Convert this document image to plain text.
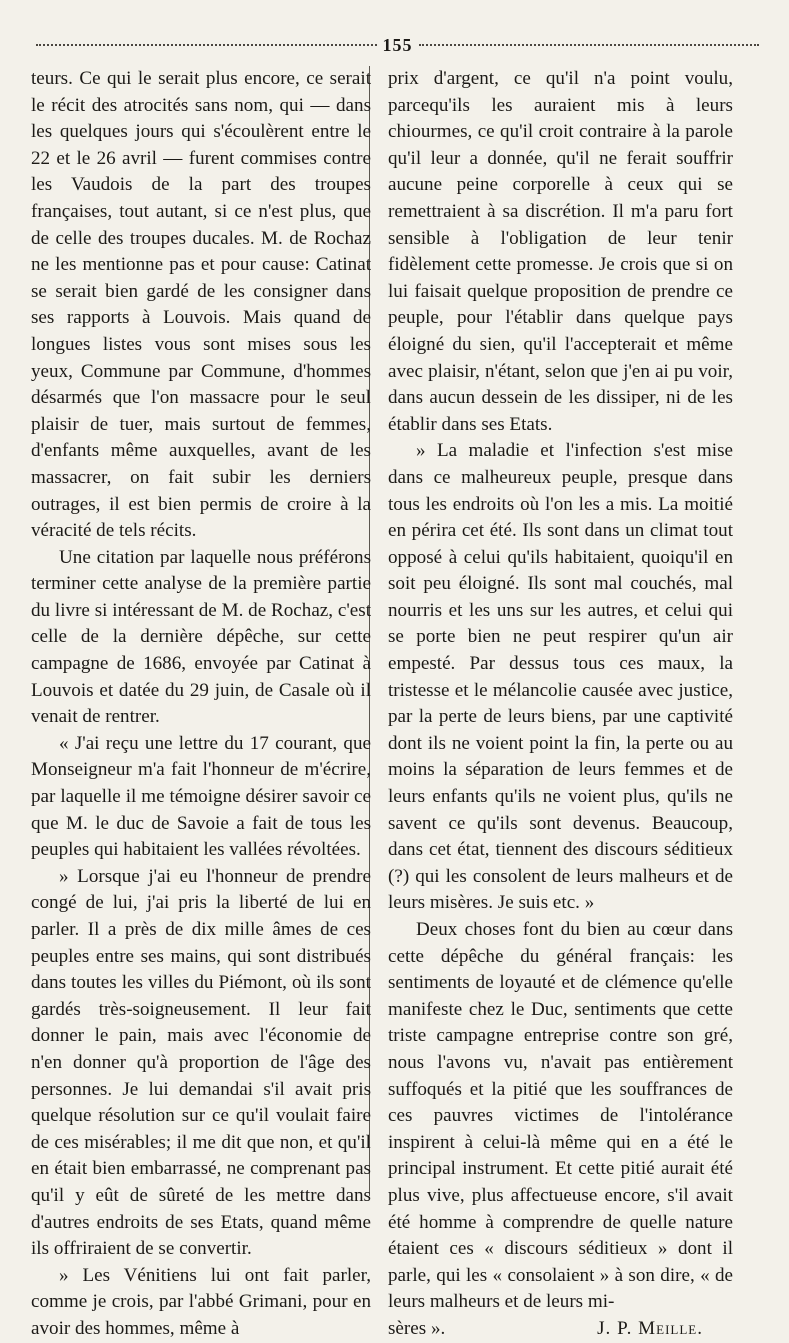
155

teurs. Ce qui le serait plus encore, ce serait le récit des atrocités sans nom, qui — dans les quelques jours qui s'écoulèrent entre le 22 et le 26 avril — furent commises contre les Vaudois de la part des troupes françaises, tout autant, si ce n'est plus, que de celle des troupes ducales. M. de Rochaz ne les mentionne pas et pour cause: Catinat se serait bien gardé de les consigner dans ses rapports à Louvois. Mais quand de longues listes vous sont mises sous les yeux, Commune par Commune, d'hommes désarmés que l'on massacre pour le seul plaisir de tuer, mais surtout de femmes, d'enfants même auxquelles, avant de les massacrer, on fait subir les derniers outrages, il est bien permis de croire à la véracité de tels récits.

Une citation par laquelle nous préférons terminer cette analyse de la première partie du livre si intéressant de M. de Rochaz, c'est celle de la dernière dépêche, sur cette campagne de 1686, envoyée par Catinat à Louvois et datée du 29 juin, de Casale où il venait de rentrer.

« J'ai reçu une lettre du 17 courant, que Monseigneur m'a fait l'honneur de m'écrire, par laquelle il me témoigne désirer savoir ce que M. le duc de Savoie a fait de tous les peuples qui habitaient les vallées révoltées.

» Lorsque j'ai eu l'honneur de prendre congé de lui, j'ai pris la liberté de lui en parler. Il a près de dix mille âmes de ces peuples entre ses mains, qui sont distribués dans toutes les villes du Piémont, où ils sont gardés très-soigneusement. Il leur fait donner le pain, mais avec l'économie de n'en donner qu'à proportion de l'âge des personnes. Je lui demandai s'il avait pris quelque résolution sur ce qu'il voulait faire de ces misérables; il me dit que non, et qu'il en était bien embarrassé, ne comprenant pas qu'il y eût de sûreté de les mettre dans d'autres endroits de ses Etats, quand même ils offriraient de se convertir.

» Les Vénitiens lui ont fait parler, comme je crois, par l'abbé Grimani, pour en avoir des hommes, même à

prix d'argent, ce qu'il n'a point voulu, parcequ'ils les auraient mis à leurs chiourmes, ce qu'il croit contraire à la parole qu'il leur a donnée, qu'il ne ferait souffrir aucune peine corporelle à ceux qui se remettraient à sa discrétion. Il m'a paru fort sensible à l'obligation de leur tenir fidèlement cette promesse. Je crois que si on lui faisait quelque proposition de prendre ce peuple, pour l'établir dans quelque pays éloigné du sien, qu'il l'accepterait et même avec plaisir, n'étant, selon que j'en ai pu voir, dans aucun dessein de les dissiper, ni de les établir dans ses Etats.

» La maladie et l'infection s'est mise dans ce malheureux peuple, presque dans tous les endroits où l'on les a mis. La moitié en périra cet été. Ils sont dans un climat tout opposé à celui qu'ils habitaient, quoiqu'il en soit peu éloigné. Ils sont mal couchés, mal nourris et les uns sur les autres, et celui qui se porte bien ne peut respirer qu'un air empesté. Par dessus tous ces maux, la tristesse et le mélancolie causée avec justice, par la perte de leurs biens, par une captivité dont ils ne voient point la fin, la perte ou au moins la séparation de leurs femmes et de leurs enfants qu'ils ne voient plus, qu'ils ne savent ce qu'ils sont devenus. Beaucoup, dans cet état, tiennent des discours séditieux (?) qui les consolent de leurs malheurs et de leurs misères. Je suis etc. »

Deux choses font du bien au cœur dans cette dépêche du général français: les sentiments de loyauté et de clémence qu'elle manifeste chez le Duc, sentiments que cette triste campagne entreprise contre son gré, nous l'avons vu, n'avait pas entièrement suffoqués et la pitié que les souffrances de ces pauvres victimes de l'intolérance inspirent à celui-là même qui en a été le principal instrument. Et cette pitié aurait été plus vive, plus affectueuse encore, s'il avait été homme à comprendre de quelle nature étaient ces « discours séditieux » dont il parle, qui les « consolaient » à son dire, « de leurs malheurs et de leurs mi-

sères ».	J. P. Meille.
